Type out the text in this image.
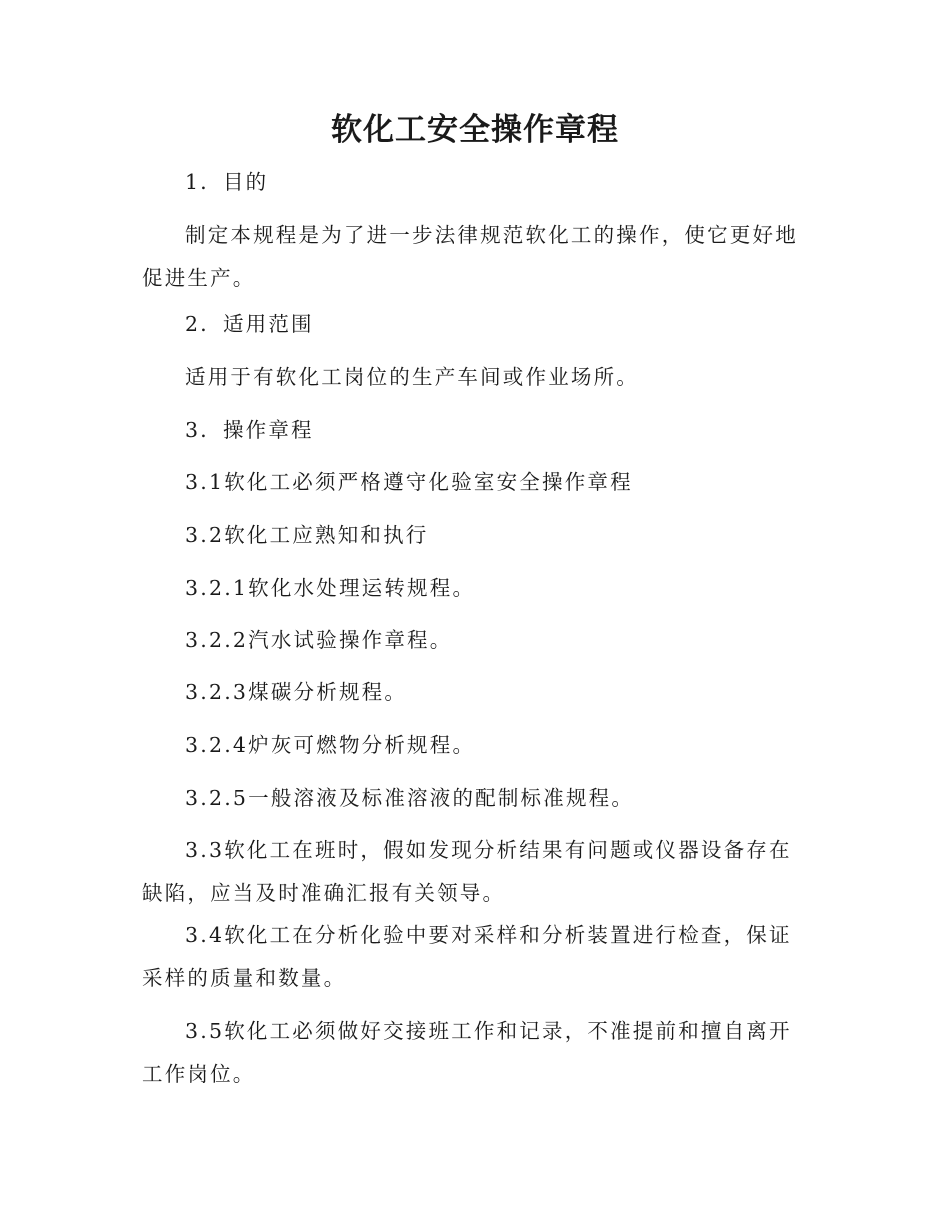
软化工安全操作章程
1．目的
制定本规程是为了进一步法律规范软化工的操作，使它更好地促进生产。
2．适用范围
适用于有软化工岗位的生产车间或作业场所。
3．操作章程
3.1软化工必须严格遵守化验室安全操作章程
3.2软化工应熟知和执行
3.2.1软化水处理运转规程。
3.2.2汽水试验操作章程。
3.2.3煤碳分析规程。
3.2.4炉灰可燃物分析规程。
3.2.5一般溶液及标准溶液的配制标准规程。
3.3软化工在班时，假如发现分析结果有问题或仪器设备存在缺陷，应当及时准确汇报有关领导。
3.4软化工在分析化验中要对采样和分析装置进行检查，保证采样的质量和数量。
3.5软化工必须做好交接班工作和记录，不准提前和擅自离开工作岗位。
